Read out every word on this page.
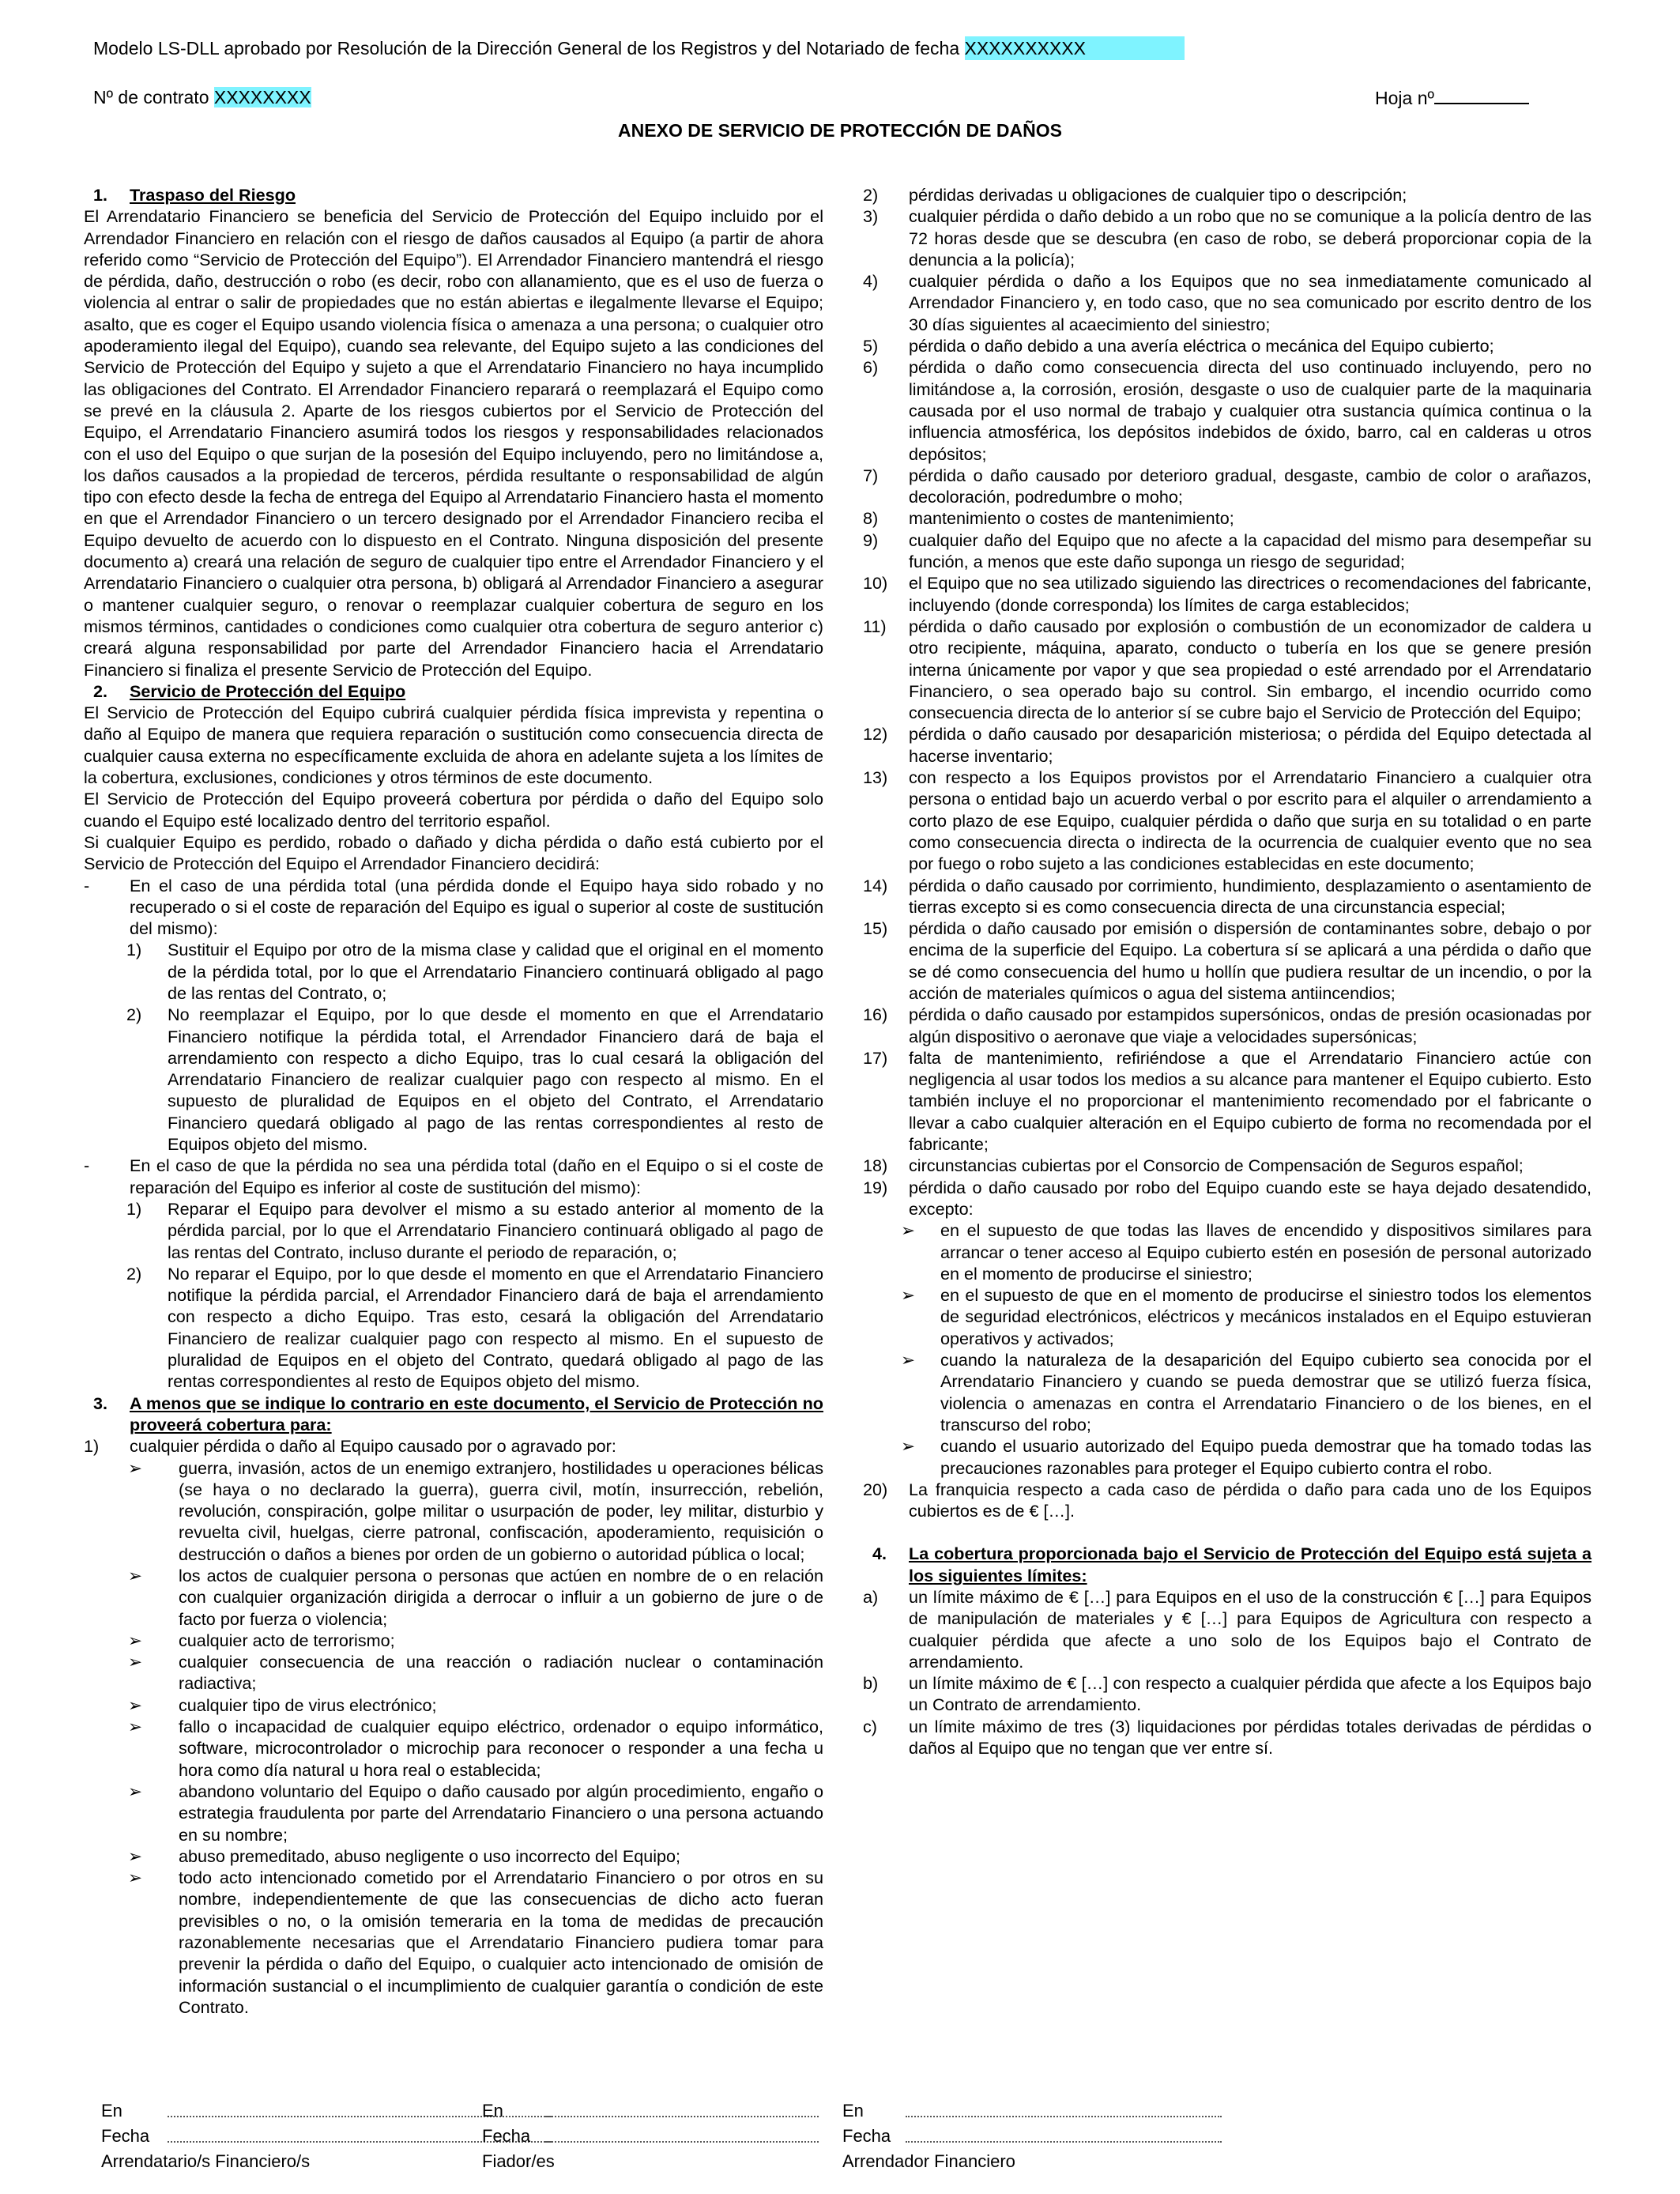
Modelo LS-DLL aprobado por Resolución de la Dirección General de los Registros y del Notariado de fecha XXXXXXXXXX
Nº de contrato XXXXXXXX	Hoja nº
ANEXO DE SERVICIO DE PROTECCIÓN DE DAÑOS
1. Traspaso del Riesgo

El Arrendatario Financiero se beneficia del Servicio de Protección del Equipo incluido por el Arrendador Financiero en relación con el riesgo de daños causados al Equipo (a partir de ahora referido como “Servicio de Protección del Equipo”). El Arrendador Financiero mantendrá el riesgo de pérdida, daño, destrucción o robo (es decir, robo con allanamiento, que es el uso de fuerza o violencia al entrar o salir de propiedades que no están abiertas e ilegalmente llevarse el Equipo; asalto, que es coger el Equipo usando violencia física o amenaza a una persona; o cualquier otro apoderamiento ilegal del Equipo), cuando sea relevante, del Equipo sujeto a las condiciones del Servicio de Protección del Equipo y sujeto a que el Arrendatario Financiero no haya incumplido las obligaciones del Contrato. El Arrendador Financiero reparará o reemplazará el Equipo como se prevé en la cláusula 2. Aparte de los riesgos cubiertos por el Servicio de Protección del Equipo, el Arrendatario Financiero asumirá todos los riesgos y responsabilidades relacionados con el uso del Equipo o que surjan de la posesión del Equipo incluyendo, pero no limitándose a, los daños causados a la propiedad de terceros, pérdida resultante o responsabilidad de algún tipo con efecto desde la fecha de entrega del Equipo al Arrendatario Financiero hasta el momento en que el Arrendador Financiero o un tercero designado por el Arrendador Financiero reciba el Equipo devuelto de acuerdo con lo dispuesto en el Contrato. Ninguna disposición del presente documento a) creará una relación de seguro de cualquier tipo entre el Arrendador Financiero y el Arrendatario Financiero o cualquier otra persona, b) obligará al Arrendador Financiero a asegurar o mantener cualquier seguro, o renovar o reemplazar cualquier cobertura de seguro en los mismos términos, cantidades o condiciones como cualquier otra cobertura de seguro anterior c) creará alguna responsabilidad por parte del Arrendador Financiero hacia el Arrendatario Financiero si finaliza el presente Servicio de Protección del Equipo.

2. Servicio de Protección del Equipo

El Servicio de Protección del Equipo cubrirá cualquier pérdida física imprevista y repentina o daño al Equipo de manera que requiera reparación o sustitución como consecuencia directa de cualquier causa externa no específicamente excluida de ahora en adelante sujeta a los límites de la cobertura, exclusiones, condiciones y otros términos de este documento.

El Servicio de Protección del Equipo proveerá cobertura por pérdida o daño del Equipo solo cuando el Equipo esté localizado dentro del territorio español.

Si cualquier Equipo es perdido, robado o dañado y dicha pérdida o daño está cubierto por el Servicio de Protección del Equipo el Arrendador Financiero decidirá:

- En el caso de una pérdida total (una pérdida donde el Equipo haya sido robado y no recuperado o si el coste de reparación del Equipo es igual o superior al coste de sustitución del mismo):
1) Sustituir el Equipo por otro de la misma clase y calidad que el original en el momento de la pérdida total, por lo que el Arrendatario Financiero continuará obligado al pago de las rentas del Contrato, o;
2) No reemplazar el Equipo, por lo que desde el momento en que el Arrendatario Financiero notifique la pérdida total, el Arrendador Financiero dará de baja el arrendamiento con respecto a dicho Equipo, tras lo cual cesará la obligación del Arrendatario Financiero de realizar cualquier pago con respecto al mismo. En el supuesto de pluralidad de Equipos en el objeto del Contrato, el Arrendatario Financiero quedará obligado al pago de las rentas correspondientes al resto de Equipos objeto del mismo.
- En el caso de que la pérdida no sea una pérdida total (daño en el Equipo o si el coste de reparación del Equipo es inferior al coste de sustitución del mismo):
1) Reparar el Equipo para devolver el mismo a su estado anterior al momento de la pérdida parcial, por lo que el Arrendatario Financiero continuará obligado al pago de las rentas del Contrato, incluso durante el periodo de reparación, o;
2) No reparar el Equipo, por lo que desde el momento en que el Arrendatario Financiero notifique la pérdida parcial, el Arrendador Financiero dará de baja el arrendamiento con respecto a dicho Equipo. Tras esto, cesará la obligación del Arrendatario Financiero de realizar cualquier pago con respecto al mismo. En el supuesto de pluralidad de Equipos en el objeto del Contrato, quedará obligado al pago de las rentas correspondientes al resto de Equipos objeto del mismo.
3. A menos que se indique lo contrario en este documento, el Servicio de Protección no proveerá cobertura para:
1) cualquier pérdida o daño al Equipo causado por o agravado por:
➢ guerra, invasión, actos de un enemigo extranjero, hostilidades u operaciones bélicas (se haya o no declarado la guerra), guerra civil, motín, insurrección, rebelión, revolución, conspiración, golpe militar o usurpación de poder, ley militar, disturbio y revuelta civil, huelgas, cierre patronal, confiscación, apoderamiento, requisición o destrucción o daños a bienes por orden de un gobierno o autoridad pública o local;
➢ los actos de cualquier persona o personas que actúen en nombre de o en relación con cualquier organización dirigida a derrocar o influir a un gobierno de jure o de facto por fuerza o violencia;
➢ cualquier acto de terrorismo;
➢ cualquier consecuencia de una reacción o radiación nuclear o contaminación radiactiva;
➢ cualquier tipo de virus electrónico;
➢ fallo o incapacidad de cualquier equipo eléctrico, ordenador o equipo informático, software, microcontrolador o microchip para reconocer o responder a una fecha u hora como día natural u hora real o establecida;
➢ abandono voluntario del Equipo o daño causado por algún procedimiento, engaño o estrategia fraudulenta por parte del Arrendatario Financiero o una persona actuando en su nombre;
➢ abuso premeditado, abuso negligente o uso incorrecto del Equipo;
➢ todo acto intencionado cometido por el Arrendatario Financiero o por otros en su nombre, independientemente de que las consecuencias de dicho acto fueran previsibles o no, o la omisión temeraria en la toma de medidas de precaución razonablemente necesarias que el Arrendatario Financiero pudiera tomar para prevenir la pérdida o daño del Equipo, o cualquier acto intencionado de omisión de información sustancial o el incumplimiento de cualquier garantía o condición de este Contrato.
2) pérdidas derivadas u obligaciones de cualquier tipo o descripción;
3) cualquier pérdida o daño debido a un robo que no se comunique a la policía dentro de las 72 horas desde que se descubra (en caso de robo, se deberá proporcionar copia de la denuncia a la policía);
4) cualquier pérdida o daño a los Equipos que no sea inmediatamente comunicado al Arrendador Financiero y, en todo caso, que no sea comunicado por escrito dentro de los 30 días siguientes al acaecimiento del siniestro;
5) pérdida o daño debido a una avería eléctrica o mecánica del Equipo cubierto;
6) pérdida o daño como consecuencia directa del uso continuado incluyendo, pero no limitándose a, la corrosión, erosión, desgaste o uso de cualquier parte de la maquinaria causada por el uso normal de trabajo y cualquier otra sustancia química continua o la influencia atmosférica, los depósitos indebidos de óxido, barro, cal en calderas u otros depósitos;
7) pérdida o daño causado por deterioro gradual, desgaste, cambio de color o arañazos, decoloración, podredumbre o moho;
8) mantenimiento o costes de mantenimiento;
9) cualquier daño del Equipo que no afecte a la capacidad del mismo para desempeñar su función, a menos que este daño suponga un riesgo de seguridad;
10) el Equipo que no sea utilizado siguiendo las directrices o recomendaciones del fabricante, incluyendo (donde corresponda) los límites de carga establecidos;
11) pérdida o daño causado por explosión o combustión de un economizador de caldera u otro recipiente, máquina, aparato, conducto o tubería en los que se genere presión interna únicamente por vapor y que sea propiedad o esté arrendado por el Arrendatario Financiero, o sea operado bajo su control. Sin embargo, el incendio ocurrido como consecuencia directa de lo anterior sí se cubre bajo el Servicio de Protección del Equipo;
12) pérdida o daño causado por desaparición misteriosa; o pérdida del Equipo detectada al hacerse inventario;
13) con respecto a los Equipos provistos por el Arrendatario Financiero a cualquier otra persona o entidad bajo un acuerdo verbal o por escrito para el alquiler o arrendamiento a corto plazo de ese Equipo, cualquier pérdida o daño que surja en su totalidad o en parte como consecuencia directa o indirecta de la ocurrencia de cualquier evento que no sea por fuego o robo sujeto a las condiciones establecidas en este documento;
14) pérdida o daño causado por corrimiento, hundimiento, desplazamiento o asentamiento de tierras excepto si es como consecuencia directa de una circunstancia especial;
15) pérdida o daño causado por emisión o dispersión de contaminantes sobre, debajo o por encima de la superficie del Equipo. La cobertura sí se aplicará a una pérdida o daño que se dé como consecuencia del humo u hollín que pudiera resultar de un incendio, o por la acción de materiales químicos o agua del sistema antiincendios;
16) pérdida o daño causado por estampidos supersónicos, ondas de presión ocasionadas por algún dispositivo o aeronave que viaje a velocidades supersónicas;
17) falta de mantenimiento, refiriéndose a que el Arrendatario Financiero actúe con negligencia al usar todos los medios a su alcance para mantener el Equipo cubierto. Esto también incluye el no proporcionar el mantenimiento recomendado por el fabricante o llevar a cabo cualquier alteración en el Equipo cubierto de forma no recomendada por el fabricante;
18) circunstancias cubiertas por el Consorcio de Compensación de Seguros español;
19) pérdida o daño causado por robo del Equipo cuando este se haya dejado desatendido, excepto:
➢ en el supuesto de que todas las llaves de encendido y dispositivos similares para arrancar o tener acceso al Equipo cubierto estén en posesión de personal autorizado en el momento de producirse el siniestro;
➢ en el supuesto de que en el momento de producirse el siniestro todos los elementos de seguridad electrónicos, eléctricos y mecánicos instalados en el Equipo estuvieran operativos y activados;
➢ cuando la naturaleza de la desaparición del Equipo cubierto sea conocida por el Arrendatario Financiero y cuando se pueda demostrar que se utilizó fuerza física, violencia o amenazas en contra el Arrendatario Financiero o de los bienes, en el transcurso del robo;
➢ cuando el usuario autorizado del Equipo pueda demostrar que ha tomado todas las precauciones razonables para proteger el Equipo cubierto contra el robo.
20) La franquicia respecto a cada caso de pérdida o daño para cada uno de los Equipos cubiertos es de € […].
4. La cobertura proporcionada bajo el Servicio de Protección del Equipo está sujeta a los siguientes límites:
a) un límite máximo de € […] para Equipos en el uso de la construcción € […] para Equipos de manipulación de materiales y € […] para Equipos de Agricultura con respecto a cualquier pérdida que afecte a uno solo de los Equipos bajo el Contrato de arrendamiento.
b) un límite máximo de € […] con respecto a cualquier pérdida que afecte a los Equipos bajo un Contrato de arrendamiento.
c) un límite máximo de tres (3) liquidaciones por pérdidas totales derivadas de pérdidas o daños al Equipo que no tengan que ver entre sí.
En
Fecha
Arrendatario/s Financiero/s
En
Fecha
Fiador/es
En
Fecha
Arrendador Financiero
